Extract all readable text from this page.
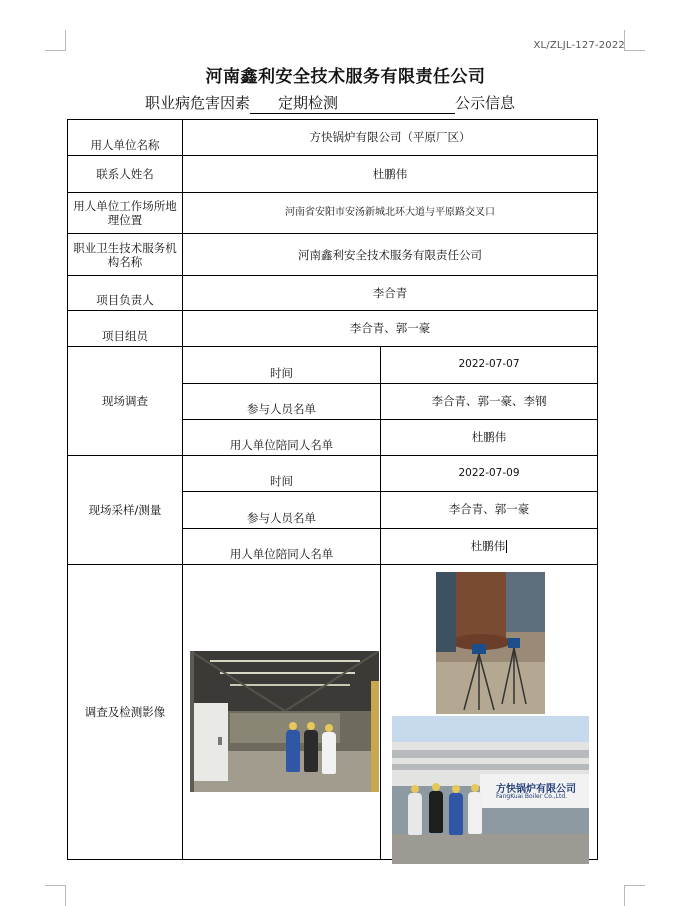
XL/ZLJL-127-2022
河南鑫利安全技术服务有限责任公司
职业病危害因素 定期检测	公示信息
用人单位名称	方快锅炉有限公司（平原厂区）	
联系人姓名	杜鹏伟	
用人单位工作场所地理位置	河南省安阳市安汤新城北环大道与平原路交叉口	
职业卫生技术服务机构名称	河南鑫利安全技术服务有限责任公司	
项目负责人	李合青	
项目组员	李合青、郭一豪	
现场调查	时间	2022-07-07
	参与人员名单	李合青、郭一豪、李钢
	用人单位陪同人名单	杜鹏伟
现场采样/测量	时间	2022-07-09
	参与人员名单	李合青、郭一豪
	用人单位陪同人名单	杜鹏伟
调查及检测影像		
方快锅炉有限公司
FangKuai Boiler Co.,Ltd.
